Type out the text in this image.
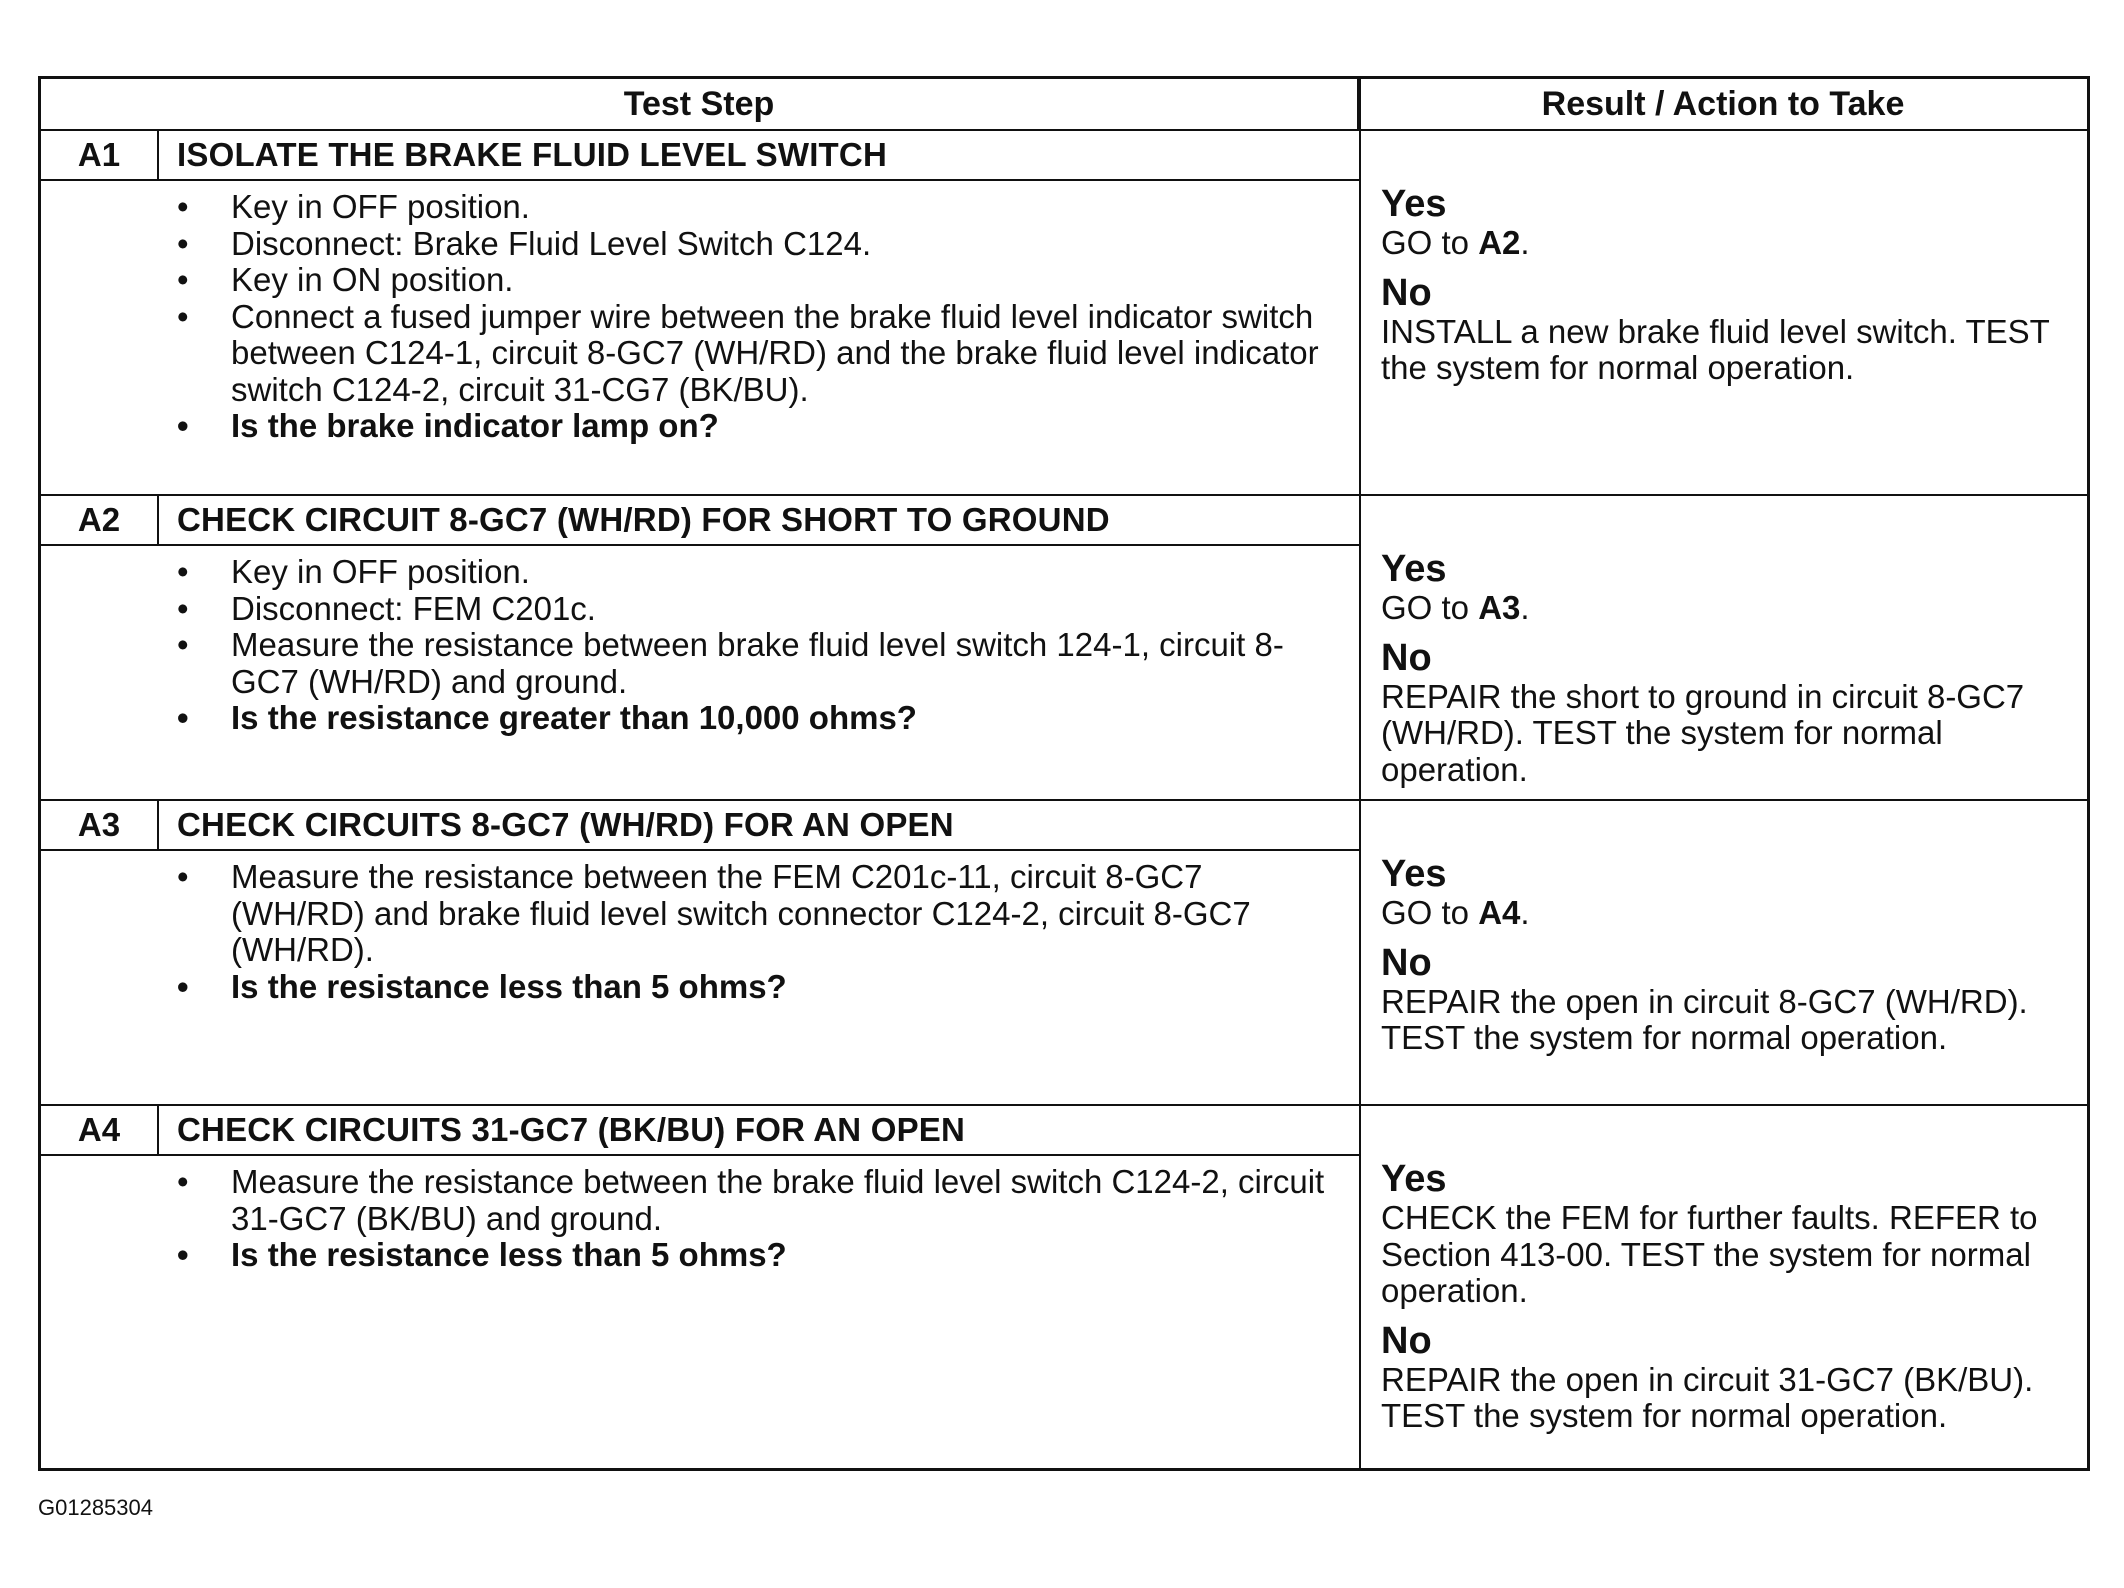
Test Step	Result / Action to Take
A1	ISOLATE THE BRAKE FLUID LEVEL SWITCH
• Key in OFF position.
• Disconnect: Brake Fluid Level Switch C124.
• Key in ON position.
• Connect a fused jumper wire between the brake fluid level indicator switch between C124-1, circuit 8-GC7 (WH/RD) and the brake fluid level indicator switch C124-2, circuit 31-CG7 (BK/BU).
• Is the brake indicator lamp on?
Yes
GO to A2.
No
INSTALL a new brake fluid level switch. TEST the system for normal operation.
A2	CHECK CIRCUIT 8-GC7 (WH/RD) FOR SHORT TO GROUND
• Key in OFF position.
• Disconnect: FEM C201c.
• Measure the resistance between brake fluid level switch 124-1, circuit 8-GC7 (WH/RD) and ground.
• Is the resistance greater than 10,000 ohms?
Yes
GO to A3.
No
REPAIR the short to ground in circuit 8-GC7 (WH/RD). TEST the system for normal operation.
A3	CHECK CIRCUITS 8-GC7 (WH/RD) FOR AN OPEN
• Measure the resistance between the FEM C201c-11, circuit 8-GC7 (WH/RD) and brake fluid level switch connector C124-2, circuit 8-GC7 (WH/RD).
• Is the resistance less than 5 ohms?
Yes
GO to A4.
No
REPAIR the open in circuit 8-GC7 (WH/RD). TEST the system for normal operation.
A4	CHECK CIRCUITS 31-GC7 (BK/BU) FOR AN OPEN
• Measure the resistance between the brake fluid level switch C124-2, circuit 31-GC7 (BK/BU) and ground.
• Is the resistance less than 5 ohms?
Yes
CHECK the FEM for further faults. REFER to Section 413-00. TEST the system for normal operation.
No
REPAIR the open in circuit 31-GC7 (BK/BU). TEST the system for normal operation.
G01285304
